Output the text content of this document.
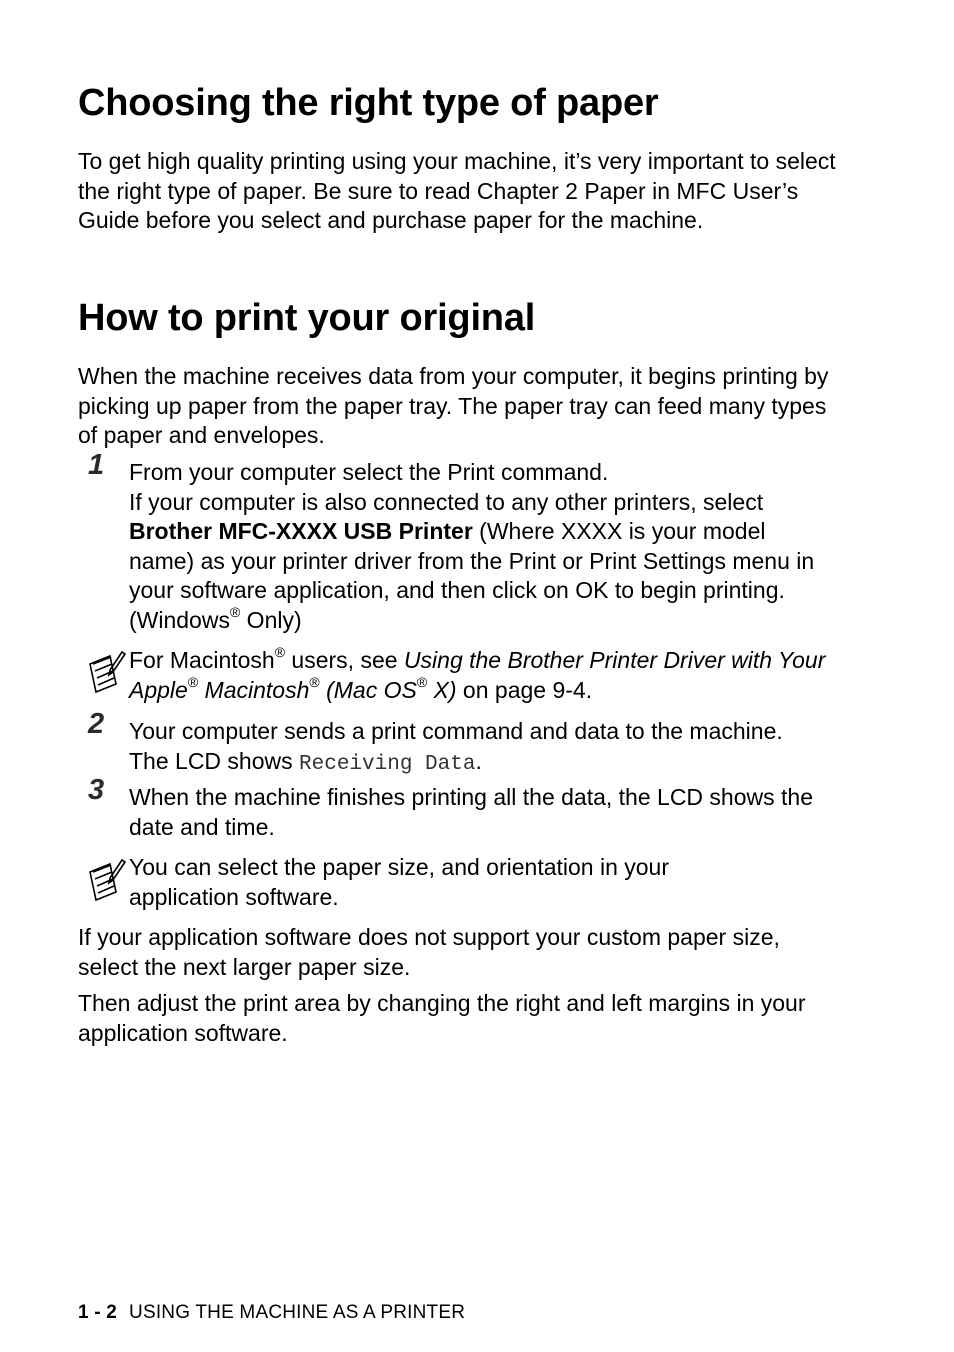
Choosing the right type of paper

To get high quality printing using your machine, it’s very important to select the right type of paper. Be sure to read Chapter 2 Paper in MFC User’s Guide before you select and purchase paper for the machine.

How to print your original

When the machine receives data from your computer, it begins printing by picking up paper from the paper tray. The paper tray can feed many types of paper and envelopes.

1 From your computer select the Print command.
If your computer is also connected to any other printers, select
Brother MFC-XXXX USB Printer (Where XXXX is your model name) as your printer driver from the Print or Print Settings menu in your software application, and then click on OK to begin printing. (Windows® Only)
For Macintosh® users, see Using the Brother Printer Driver with Your Apple® Macintosh® (Mac OS® X) on page 9-4.
2 Your computer sends a print command and data to the machine.
The LCD shows Receiving Data.
3 When the machine finishes printing all the data, the LCD shows the date and time.
You can select the paper size, and orientation in your application software.

If your application software does not support your custom paper size, select the next larger paper size.

Then adjust the print area by changing the right and left margins in your application software.

1 - 2 USING THE MACHINE AS A PRINTER
